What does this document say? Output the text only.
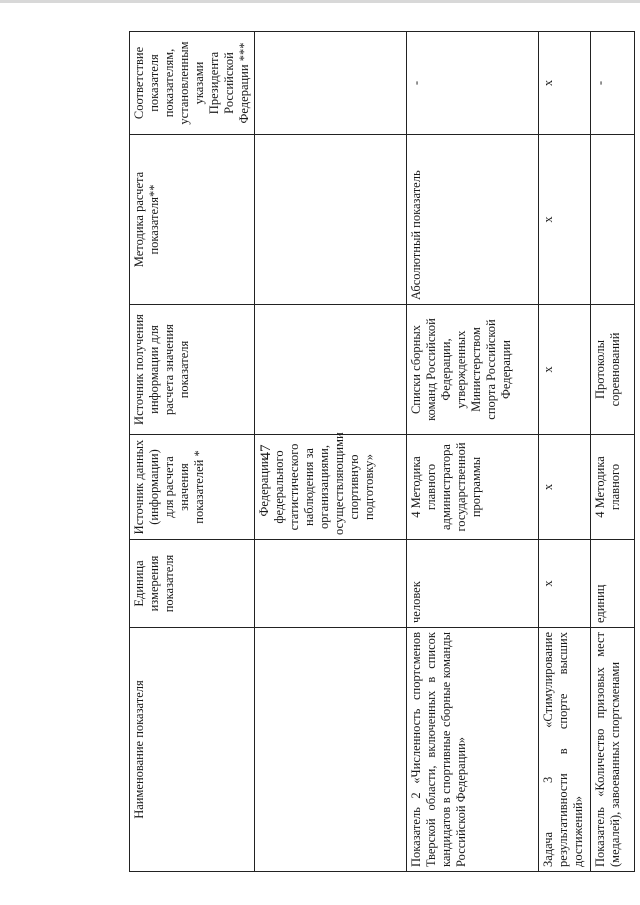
47
Наименование показателя	Единица измерения показателя	Источник данных (информации) для расчета значения показателей *	Источник получения информации для расчета значения показателя	Методика расчета показателя**	Соответствие показателя показателям, установленным указами Президента Российской Федерации ***
		Федерации федерального статистического наблюдения за организациями, осуществляющими спортивную подготовку»			
Показатель 2 «Численность спортсменов Тверской области, включенных в список кандидатов в спортивные сборные команды Российской Федерации»	человек	4 Методика главного администратора государственной программы	Списки сборных команд Российской Федерации, утвержденных Министерством спорта Российской Федерации	Абсолютный показатель	-
Задача 3 «Стимулирование результативности в спорте высших достижений»	x	x	x	x	x
Показатель «Количество призовых мест (медалей), завоеванных спортсменами	единиц	4 Методика главного	Протоколы соревнований		-
